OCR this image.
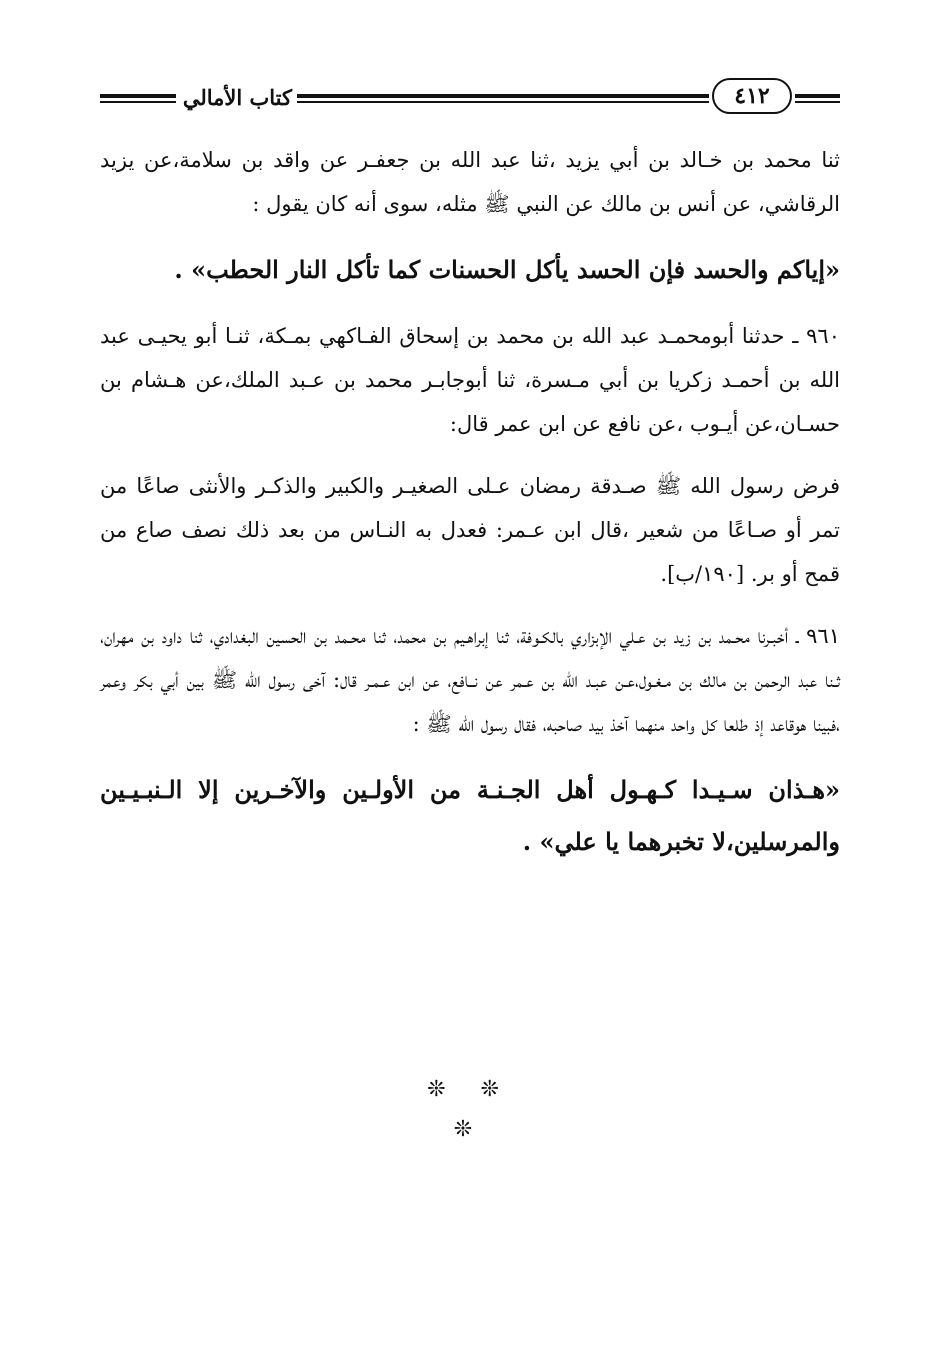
كتاب الأمالي	٤١٢

ثنا محمد بن خـالد بن أبي يزيد ،ثنا عبد الله بن جعفـر عن واقد بن سلامة،عن يزيد الرقاشي، عن أنس بن مالك عن النبي ﷺ مثله، سوى أنه كان يقول :

«إياكم والحسد فإن الحسد يأكل الحسنات كما تأكل النار الحطب» .

٩٦٠ ـ حدثنا أبومحمـد عبد الله بن محمد بن إسحاق الفـاكهي بمـكة، ثنـا أبو يحيـى عبد الله بن أحمـد زكريا بن أبي مـسرة، ثنا أبوجابـر محمد بن عـبد الملك،عن هـشام بن حسـان،عن أيـوب ،عن نافع عن ابن عمر قال:

فرض رسول الله ﷺ صـدقة رمضان عـلى الصغيـر والكبير والذكـر والأنثى صاعًا من تمر أو صـاعًا من شعير ،قال ابن عـمر: فعدل به النـاس من بعد ذلك نصف صاع من قمح أو بر. [١٩٠/ب].

٩٦١ ـ أخبـرنا محـمد بن زيد بن عـلي الإبزاري بالكـوفة، ثنا إبراهـيم بن محمد، ثنا محـمد بن الحسين البغدادي، ثنا داود بن مهران، ثـنا عبد الرحمن بن مالك بن مـغـول،عـن عبـد الله بن عـمر عن نــافع، عن ابن عـمـر قال: آخى رسول الله ﷺ بين أبي بكر وعمر ،فبينا هوقاعد إذ طلعا كل واحد منهما آخذ بيد صاحبه، فقال رسول الله ﷺ :

«هـذان سـيـدا كـهـول أهل الجـنـة من الأولـين والآخـرين إلا الـنبـيـين والمرسلين،لا تخبرهما يا علي» .

❊ ❊ ❊
